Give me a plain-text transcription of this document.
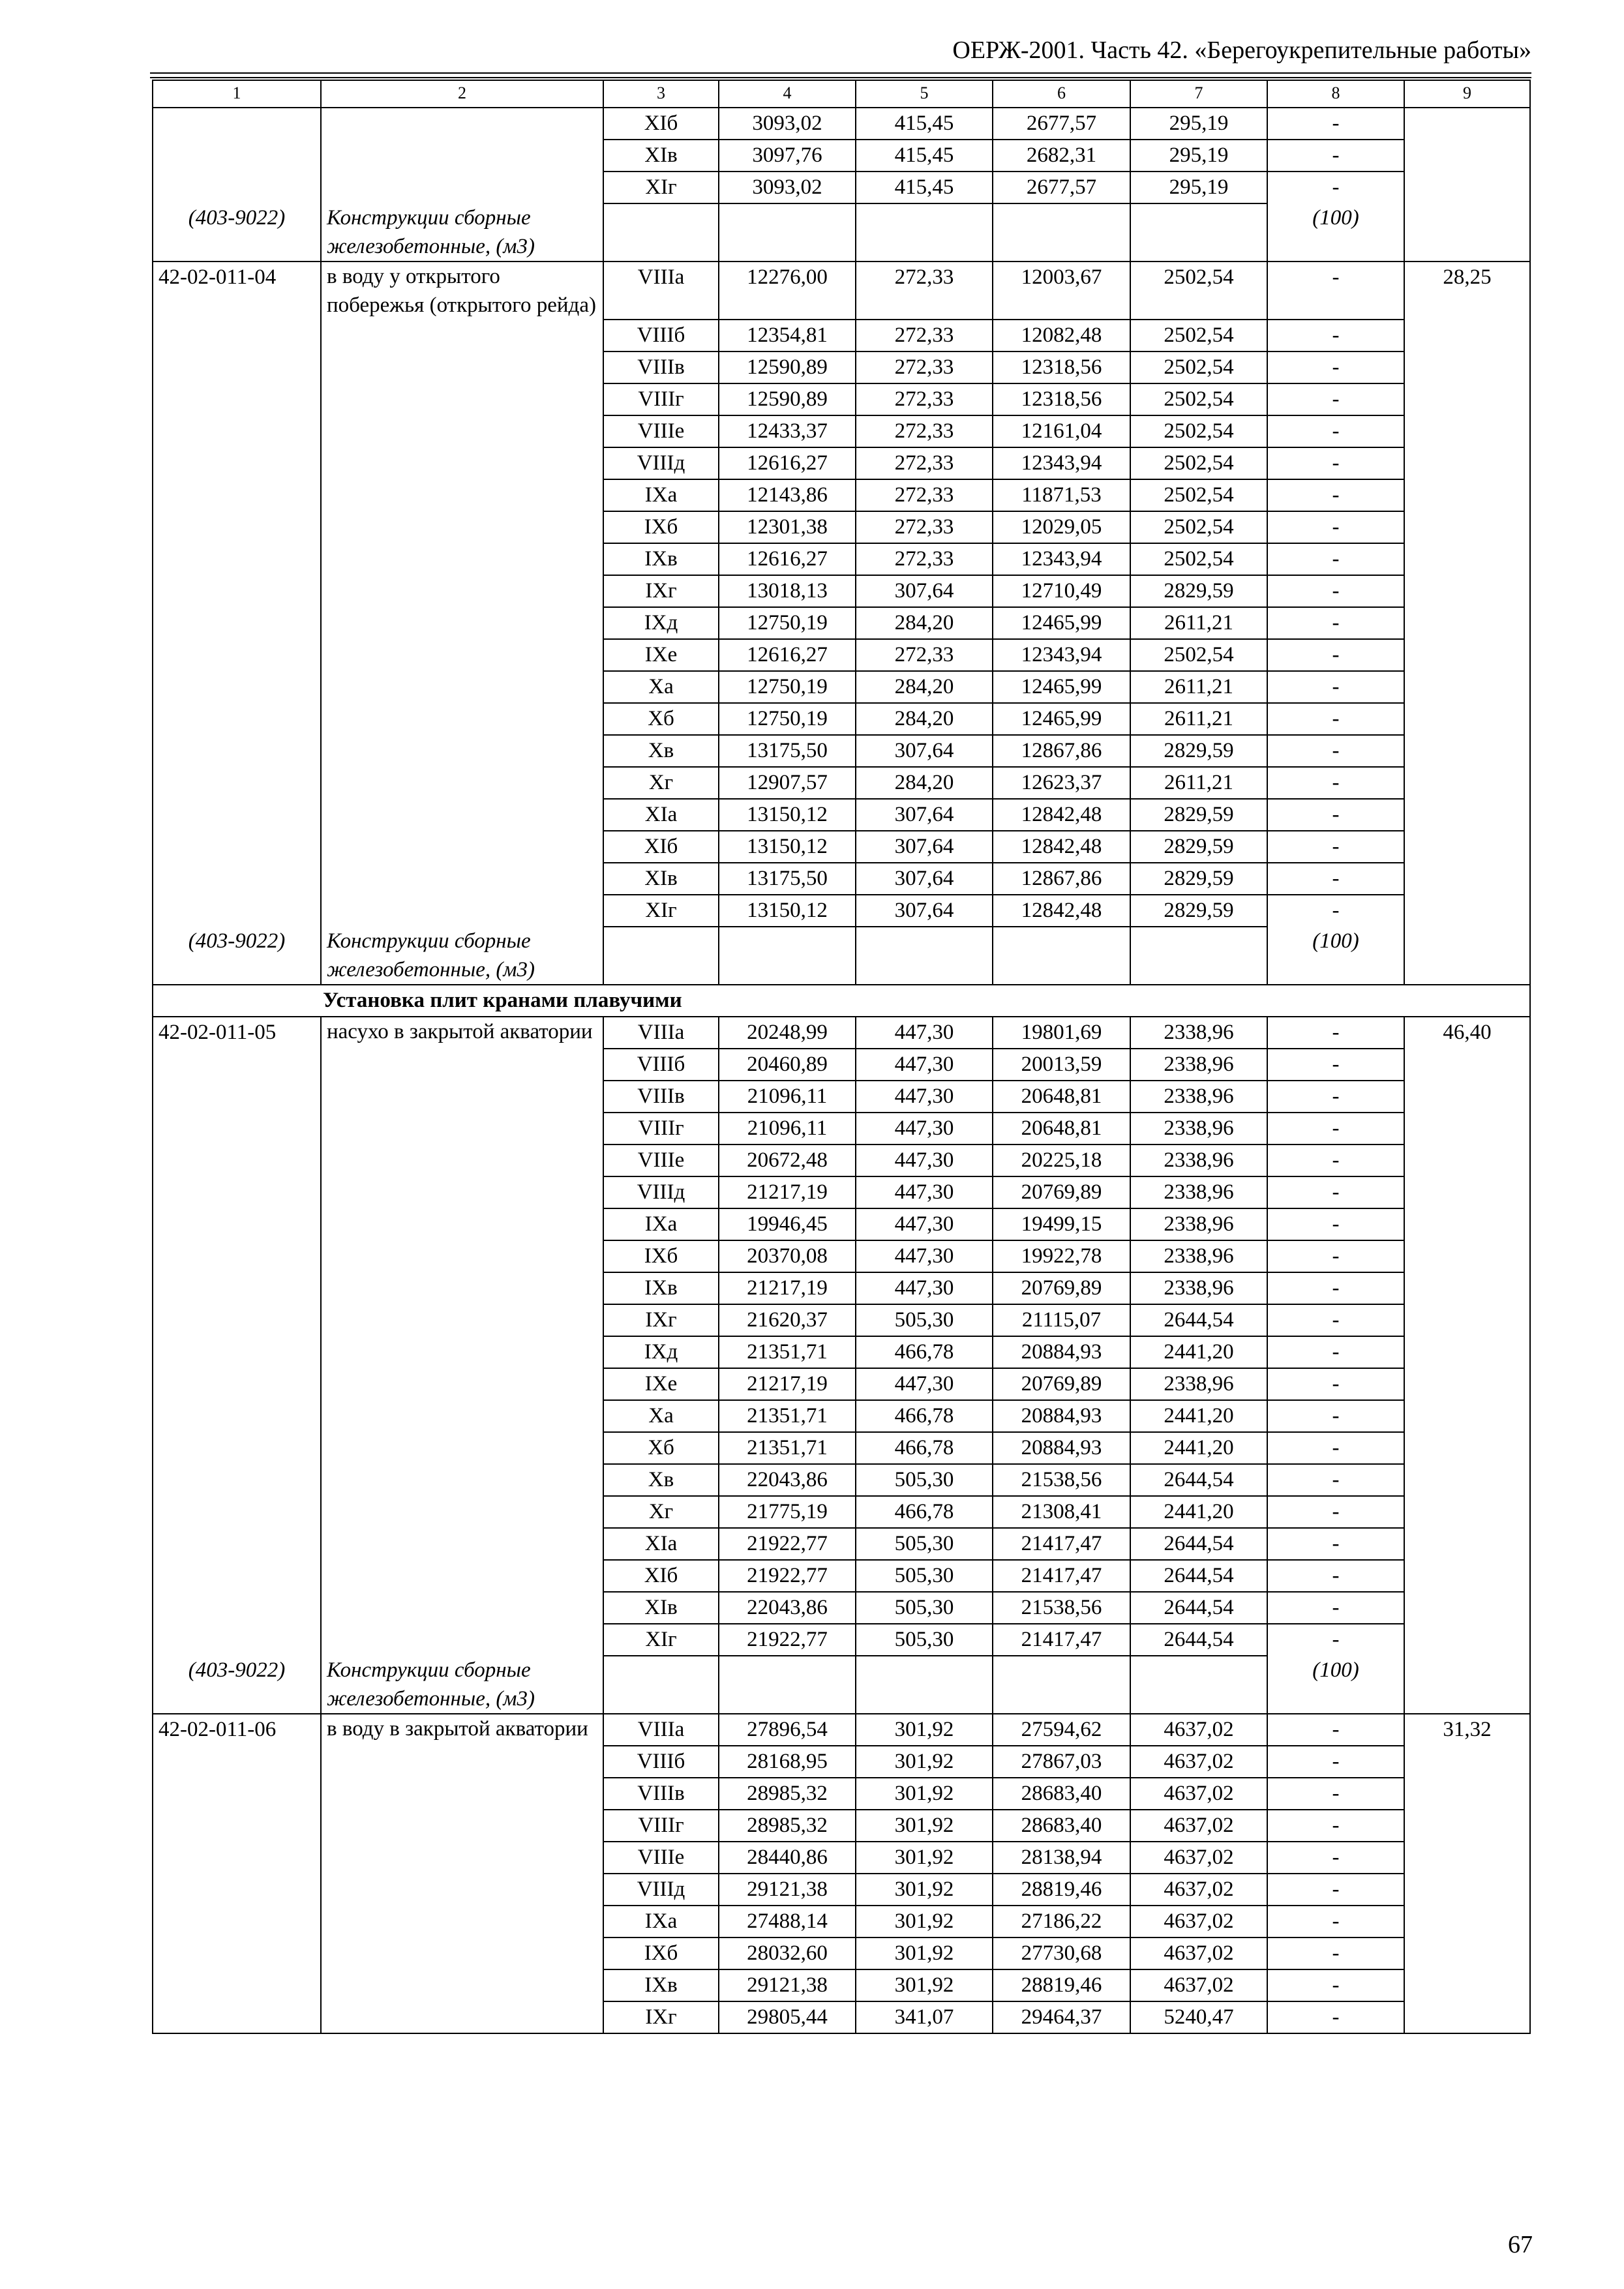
ОЕРЖ-2001. Часть 42. «Берегоукрепительные работы»
1	2	3	4	5	6	7	8	9
		XIб	3093,02	415,45	2677,57	295,19	-	
		XIв	3097,76	415,45	2682,31	295,19	-	
		XIг	3093,02	415,45	2677,57	295,19	-	
(403-9022)	Конструкции сборные железобетонные, (м3)						(100)	
42-02-011-04	в воду у открытого побережья (открытого рейда)	VIIIа	12276,00	272,33	12003,67	2502,54	-	28,25
		VIIIб	12354,81	272,33	12082,48	2502,54	-	
		VIIIв	12590,89	272,33	12318,56	2502,54	-	
		VIIIг	12590,89	272,33	12318,56	2502,54	-	
		VIIIе	12433,37	272,33	12161,04	2502,54	-	
		VIIIд	12616,27	272,33	12343,94	2502,54	-	
		IXа	12143,86	272,33	11871,53	2502,54	-	
		IXб	12301,38	272,33	12029,05	2502,54	-	
		IXв	12616,27	272,33	12343,94	2502,54	-	
		IXг	13018,13	307,64	12710,49	2829,59	-	
		IXд	12750,19	284,20	12465,99	2611,21	-	
		IXе	12616,27	272,33	12343,94	2502,54	-	
		Xа	12750,19	284,20	12465,99	2611,21	-	
		Xб	12750,19	284,20	12465,99	2611,21	-	
		Xв	13175,50	307,64	12867,86	2829,59	-	
		Xг	12907,57	284,20	12623,37	2611,21	-	
		XIа	13150,12	307,64	12842,48	2829,59	-	
		XIб	13150,12	307,64	12842,48	2829,59	-	
		XIв	13175,50	307,64	12867,86	2829,59	-	
		XIг	13150,12	307,64	12842,48	2829,59	-	
(403-9022)	Конструкции сборные железобетонные, (м3)						(100)	
Установка плит кранами плавучими								
42-02-011-05	насухо в закрытой акватории	VIIIа	20248,99	447,30	19801,69	2338,96	-	46,40
		VIIIб	20460,89	447,30	20013,59	2338,96	-	
		VIIIв	21096,11	447,30	20648,81	2338,96	-	
		VIIIг	21096,11	447,30	20648,81	2338,96	-	
		VIIIе	20672,48	447,30	20225,18	2338,96	-	
		VIIIд	21217,19	447,30	20769,89	2338,96	-	
		IXа	19946,45	447,30	19499,15	2338,96	-	
		IXб	20370,08	447,30	19922,78	2338,96	-	
		IXв	21217,19	447,30	20769,89	2338,96	-	
		IXг	21620,37	505,30	21115,07	2644,54	-	
		IXд	21351,71	466,78	20884,93	2441,20	-	
		IXе	21217,19	447,30	20769,89	2338,96	-	
		Xа	21351,71	466,78	20884,93	2441,20	-	
		Xб	21351,71	466,78	20884,93	2441,20	-	
		Xв	22043,86	505,30	21538,56	2644,54	-	
		Xг	21775,19	466,78	21308,41	2441,20	-	
		XIа	21922,77	505,30	21417,47	2644,54	-	
		XIб	21922,77	505,30	21417,47	2644,54	-	
		XIв	22043,86	505,30	21538,56	2644,54	-	
		XIг	21922,77	505,30	21417,47	2644,54	-	
(403-9022)	Конструкции сборные железобетонные, (м3)						(100)	
42-02-011-06	в воду в закрытой акватории	VIIIа	27896,54	301,92	27594,62	4637,02	-	31,32
		VIIIб	28168,95	301,92	27867,03	4637,02	-	
		VIIIв	28985,32	301,92	28683,40	4637,02	-	
		VIIIг	28985,32	301,92	28683,40	4637,02	-	
		VIIIе	28440,86	301,92	28138,94	4637,02	-	
		VIIIд	29121,38	301,92	28819,46	4637,02	-	
		IXа	27488,14	301,92	27186,22	4637,02	-	
		IXб	28032,60	301,92	27730,68	4637,02	-	
		IXв	29121,38	301,92	28819,46	4637,02	-	
		IXг	29805,44	341,07	29464,37	5240,47	-	
67
